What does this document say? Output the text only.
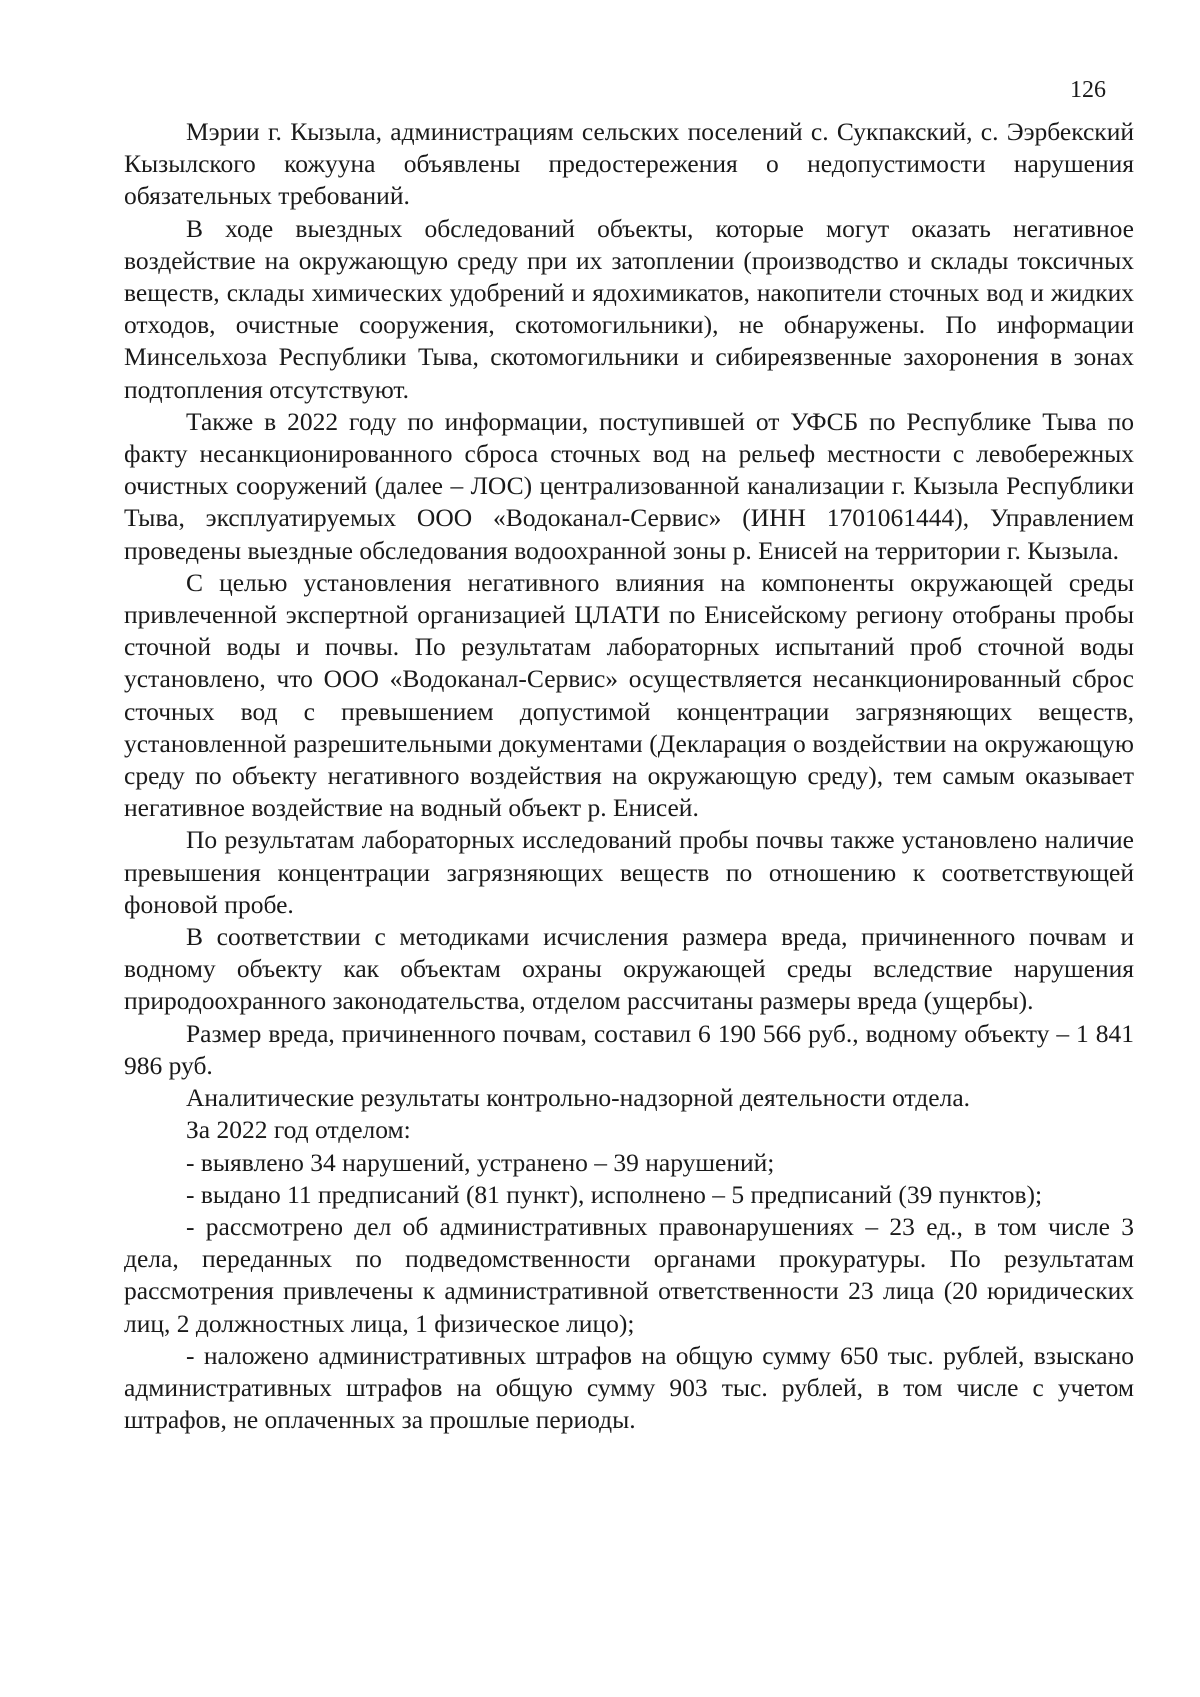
126

Мэрии г. Кызыла, администрациям сельских поселений с. Сукпакский, с. Ээрбекский Кызылского кожууна объявлены предостережения о недопустимости нарушения обязательных требований.

В ходе выездных обследований объекты, которые могут оказать негативное воздействие на окружающую среду при их затоплении (производство и склады токсичных веществ, склады химических удобрений и ядохимикатов, накопители сточных вод и жидких отходов, очистные сооружения, скотомогильники), не обнаружены. По информации Минсельхоза Республики Тыва, скотомогильники и сибиреязвенные захоронения в зонах подтопления отсутствуют.

Также в 2022 году по информации, поступившей от УФСБ по Республике Тыва по факту несанкционированного сброса сточных вод на рельеф местности с левобережных очистных сооружений (далее – ЛОС) централизованной канализации г. Кызыла Республики Тыва, эксплуатируемых ООО «Водоканал-Сервис» (ИНН 1701061444), Управлением проведены выездные обследования водоохранной зоны р. Енисей на территории г. Кызыла.

С целью установления негативного влияния на компоненты окружающей среды привлеченной экспертной организацией ЦЛАТИ по Енисейскому региону отобраны пробы сточной воды и почвы. По результатам лабораторных испытаний проб сточной воды установлено, что ООО «Водоканал-Сервис» осуществляется несанкционированный сброс сточных вод с превышением допустимой концентрации загрязняющих веществ, установленной разрешительными документами (Декларация о воздействии на окружающую среду по объекту негативного воздействия на окружающую среду), тем самым оказывает негативное воздействие на водный объект р. Енисей.

По результатам лабораторных исследований пробы почвы также установлено наличие превышения концентрации загрязняющих веществ по отношению к соответствующей фоновой пробе.

В соответствии с методиками исчисления размера вреда, причиненного почвам и водному объекту как объектам охраны окружающей среды вследствие нарушения природоохранного законодательства, отделом рассчитаны размеры вреда (ущербы).

Размер вреда, причиненного почвам, составил 6 190 566 руб., водному объекту – 1 841 986 руб.

Аналитические результаты контрольно-надзорной деятельности отдела.

За 2022 год отделом:

- выявлено 34 нарушений, устранено – 39 нарушений;

- выдано 11 предписаний (81 пункт), исполнено – 5 предписаний (39 пунктов);

- рассмотрено дел об административных правонарушениях – 23 ед., в том числе 3 дела, переданных по подведомственности органами прокуратуры. По результатам рассмотрения привлечены к административной ответственности 23 лица (20 юридических лиц, 2 должностных лица, 1 физическое лицо);

- наложено административных штрафов на общую сумму 650 тыс. рублей, взыскано административных штрафов на общую сумму 903 тыс. рублей, в том числе с учетом штрафов, не оплаченных за прошлые периоды.
